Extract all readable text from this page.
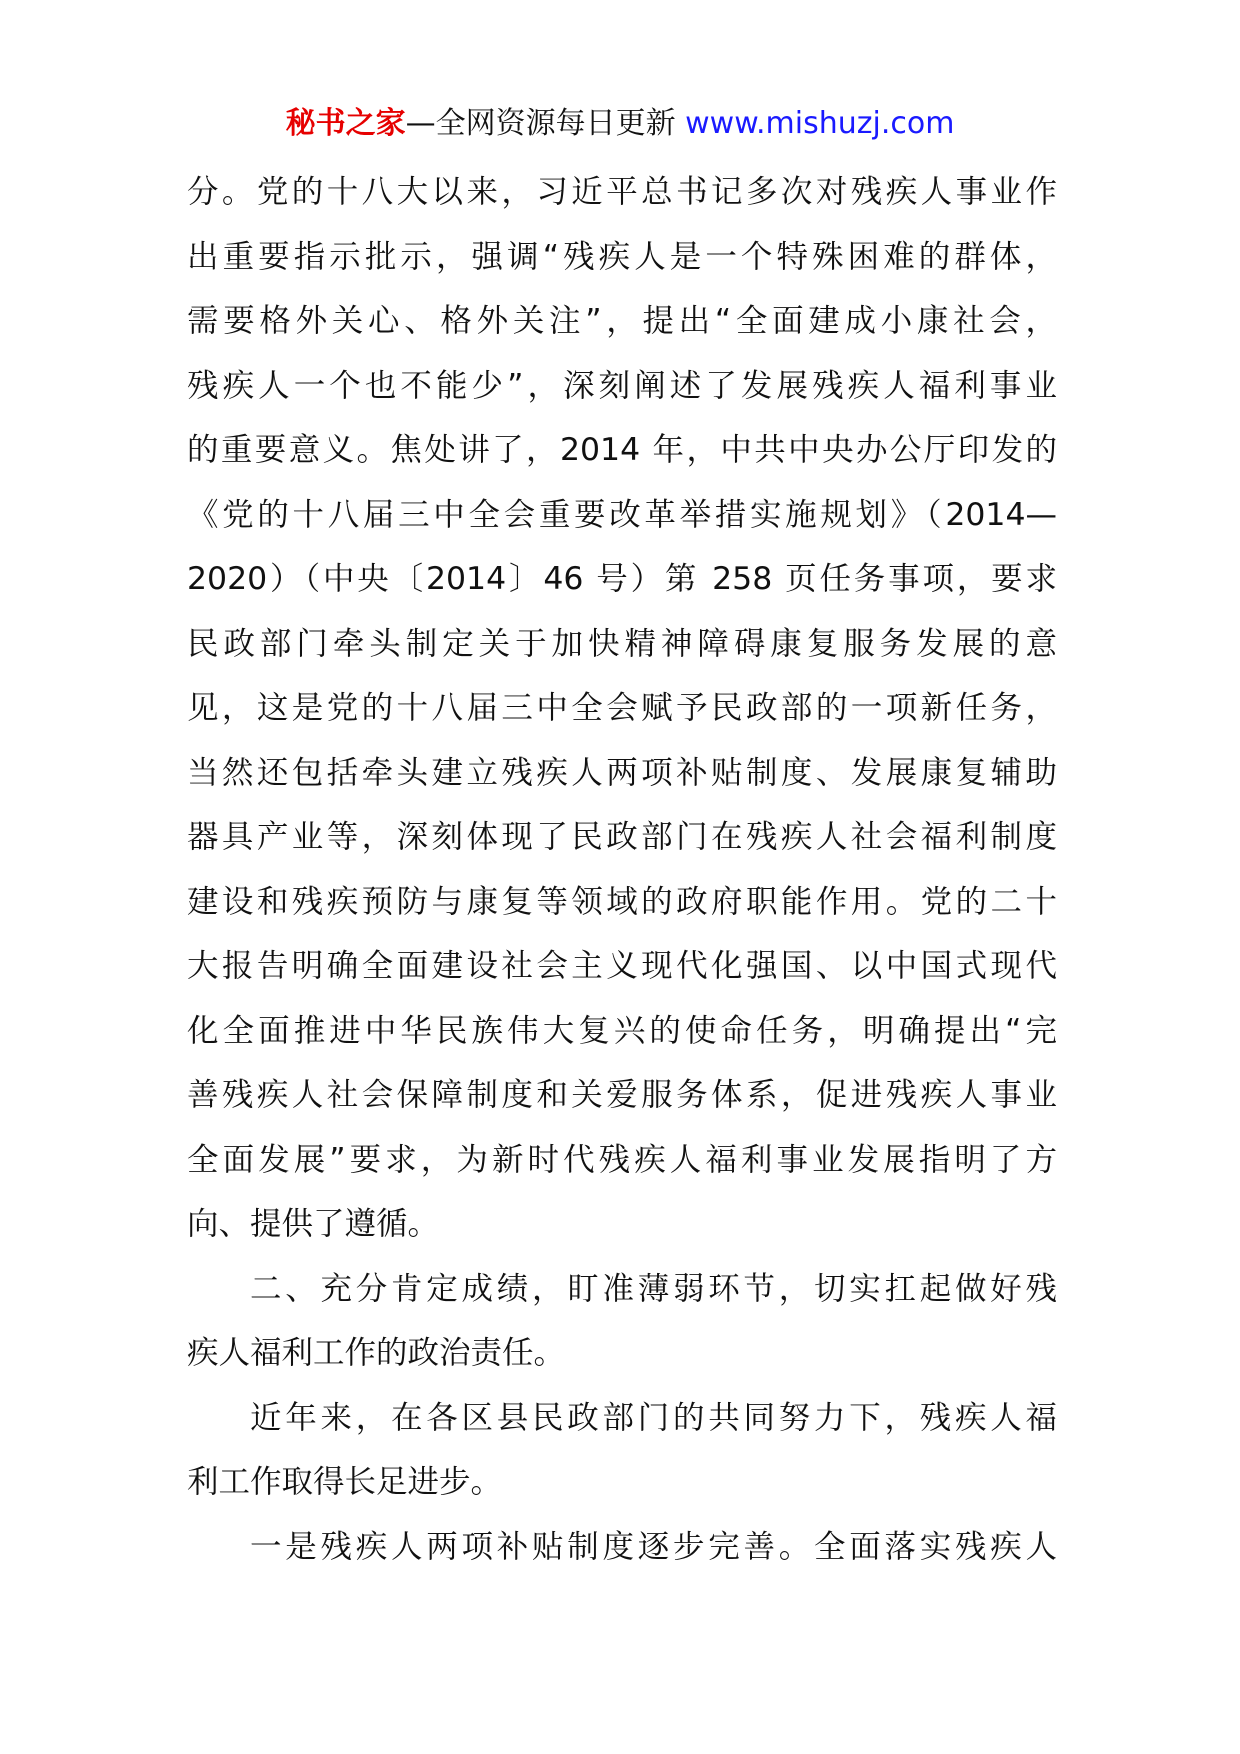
秘书之家—全网资源每日更新 www.mishuzj.com
分。党的十八大以来，习近平总书记多次对残疾人事业作
出重要指示批示，强调“残疾人是一个特殊困难的群体，
需要格外关心、格外关注”，提出“全面建成小康社会，
残疾人一个也不能少”，深刻阐述了发展残疾人福利事业
的重要意义。焦处讲了，2014 年，中共中央办公厅印发的
《党的十八届三中全会重要改革举措实施规划》（2014—
2020）（中央〔2014〕46 号）第 258 页任务事项，要求
民政部门牵头制定关于加快精神障碍康复服务发展的意
见，这是党的十八届三中全会赋予民政部的一项新任务，
当然还包括牵头建立残疾人两项补贴制度、发展康复辅助
器具产业等，深刻体现了民政部门在残疾人社会福利制度
建设和残疾预防与康复等领域的政府职能作用。党的二十
大报告明确全面建设社会主义现代化强国、以中国式现代
化全面推进中华民族伟大复兴的使命任务，明确提出“完
善残疾人社会保障制度和关爱服务体系，促进残疾人事业
全面发展”要求，为新时代残疾人福利事业发展指明了方
向、提供了遵循。
二、充分肯定成绩，盯准薄弱环节，切实扛起做好残
疾人福利工作的政治责任。
近年来，在各区县民政部门的共同努力下，残疾人福
利工作取得长足进步。
一是残疾人两项补贴制度逐步完善。全面落实残疾人
